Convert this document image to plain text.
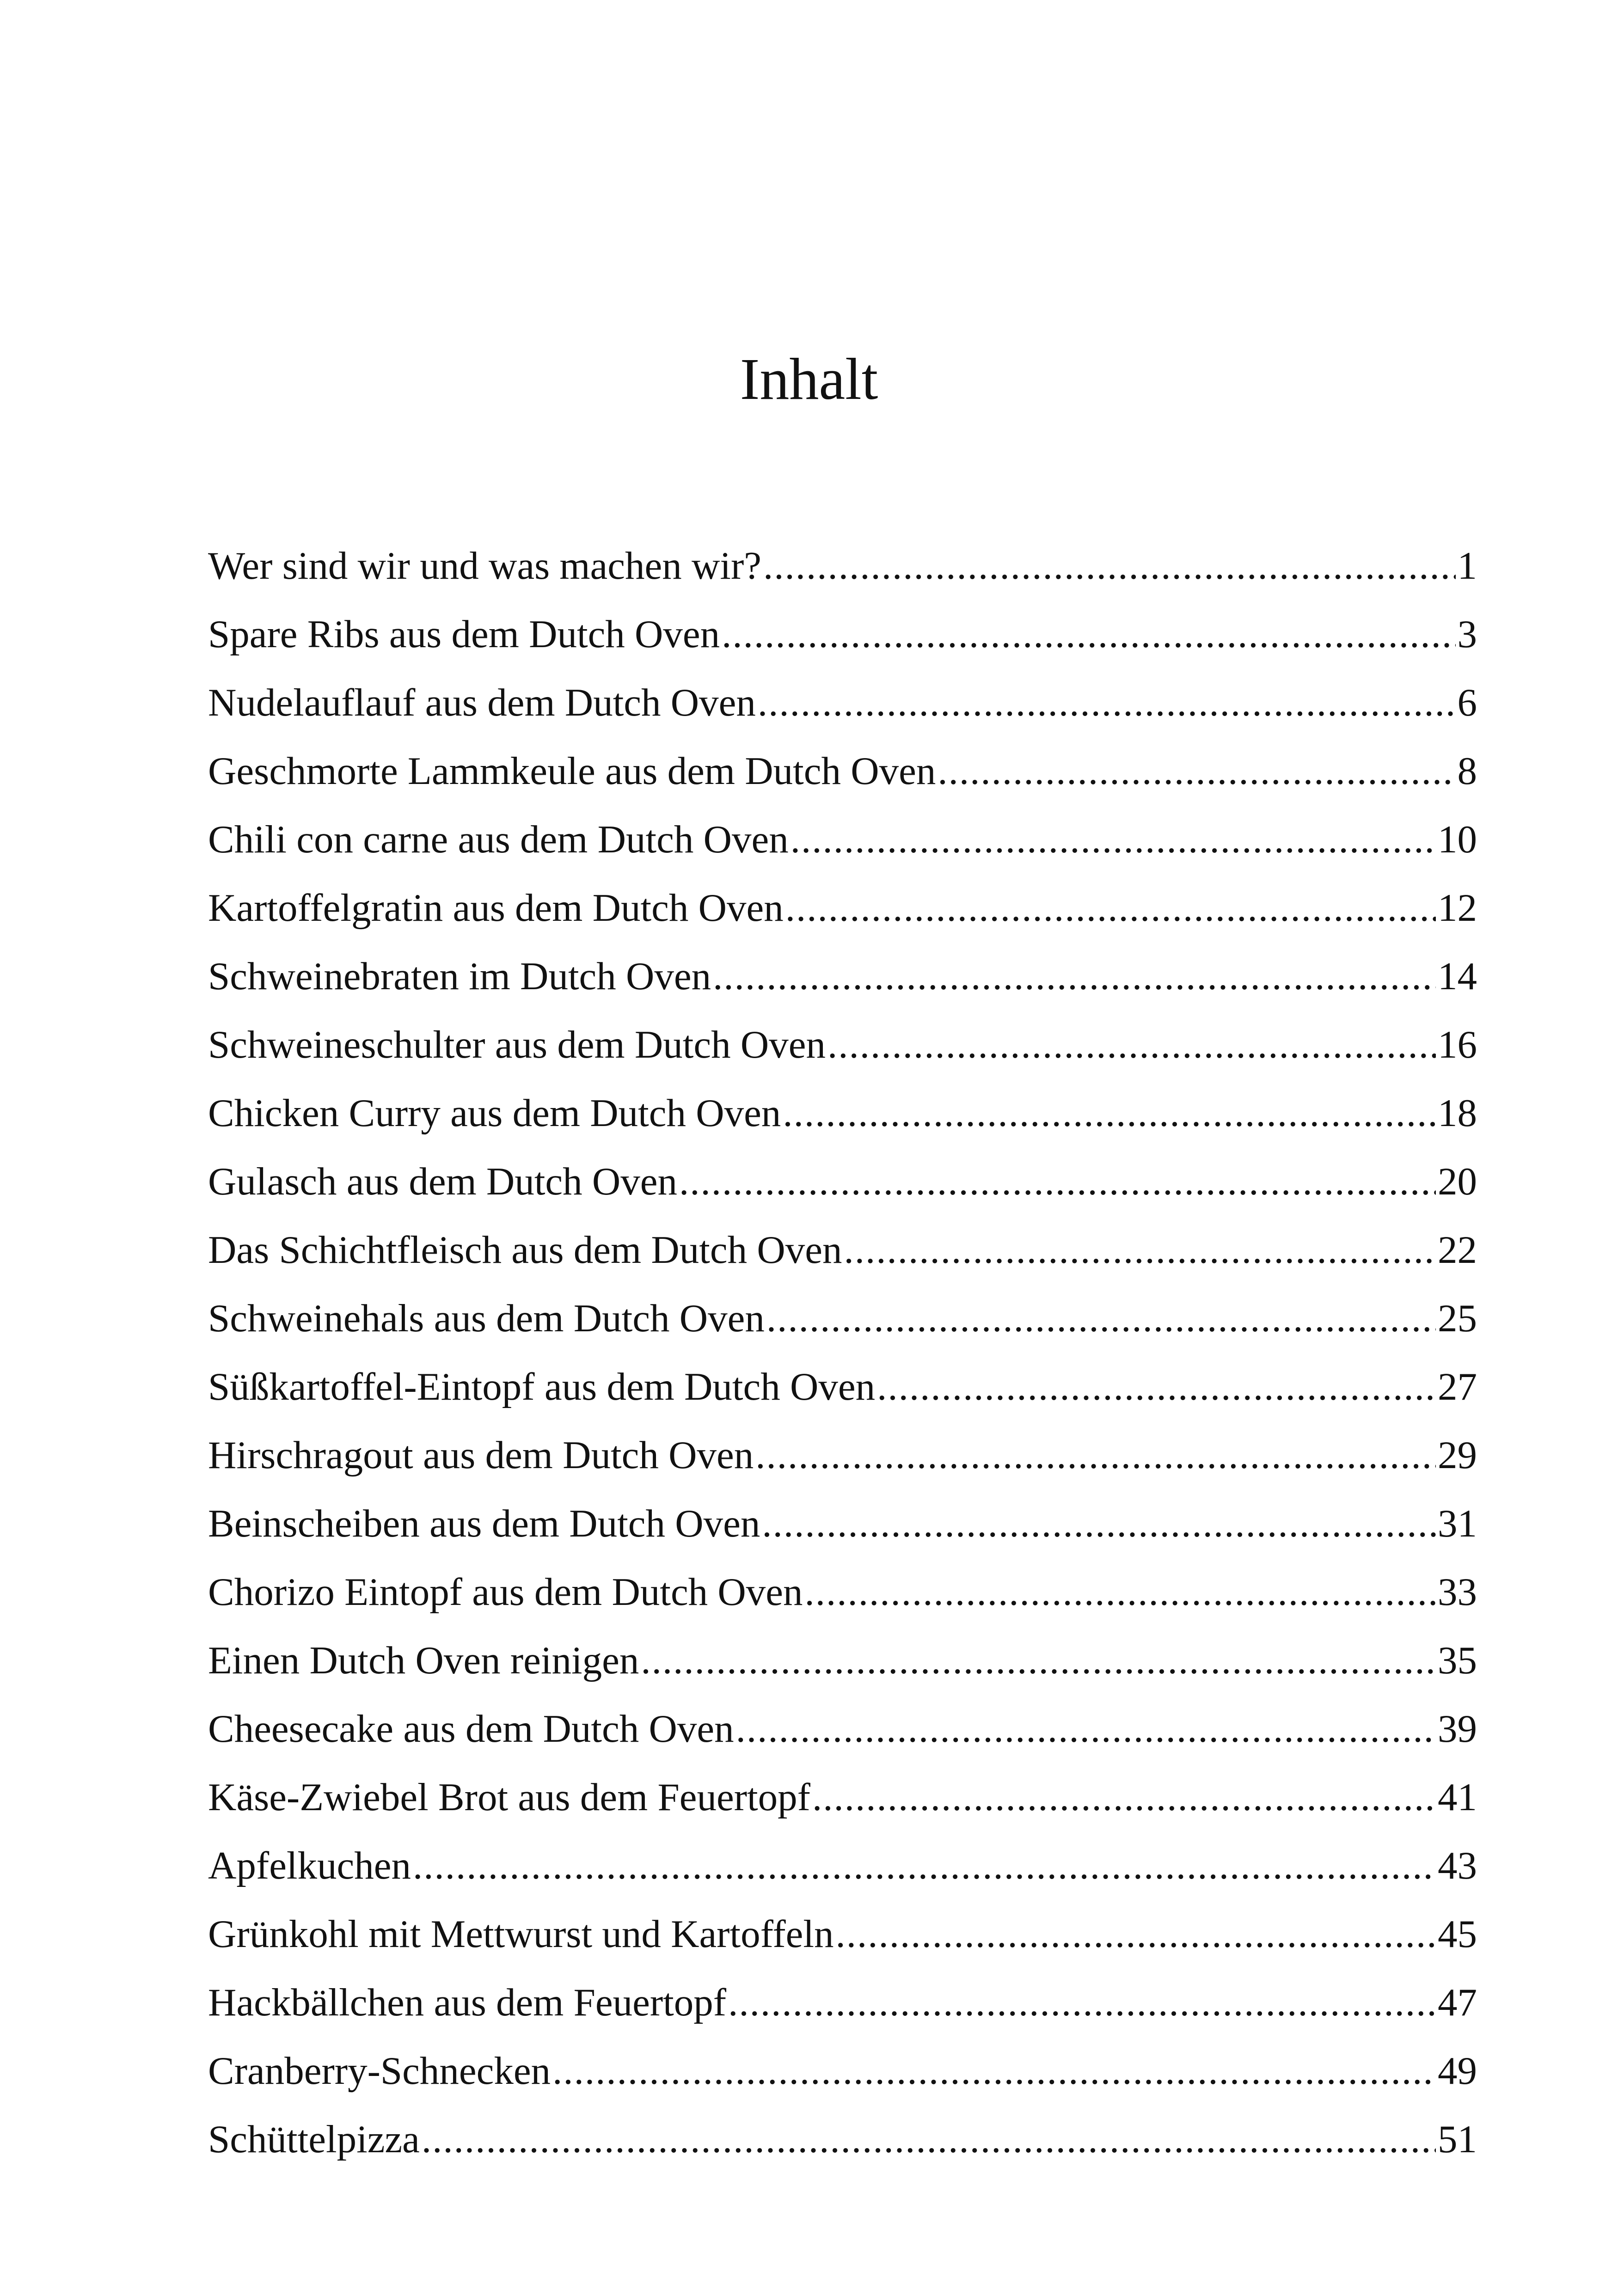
Inhalt
Wer sind wir und was machen wir? .....	1
Spare Ribs aus dem Dutch Oven .....	3
Nudelauflauf aus dem Dutch Oven .....	6
Geschmorte Lammkeule aus dem Dutch Oven .....	8
Chili con carne aus dem Dutch Oven .....	10
Kartoffelgratin aus dem Dutch Oven .....	12
Schweinebraten im Dutch Oven .....	14
Schweineschulter aus dem Dutch Oven .....	16
Chicken Curry aus dem Dutch Oven .....	18
Gulasch aus dem Dutch Oven .....	20
Das Schichtfleisch aus dem Dutch Oven .....	22
Schweinehals aus dem Dutch Oven .....	25
Süßkartoffel-Eintopf aus dem Dutch Oven .....	27
Hirschragout aus dem Dutch Oven .....	29
Beinscheiben aus dem Dutch Oven .....	31
Chorizo Eintopf aus dem Dutch Oven .....	33
Einen Dutch Oven reinigen .....	35
Cheesecake aus dem Dutch Oven .....	39
Käse-Zwiebel Brot aus dem Feuertopf .....	41
Apfelkuchen .....	43
Grünkohl mit Mettwurst und Kartoffeln .....	45
Hackbällchen aus dem Feuertopf .....	47
Cranberry-Schnecken .....	49
Schüttelpizza .....	51
